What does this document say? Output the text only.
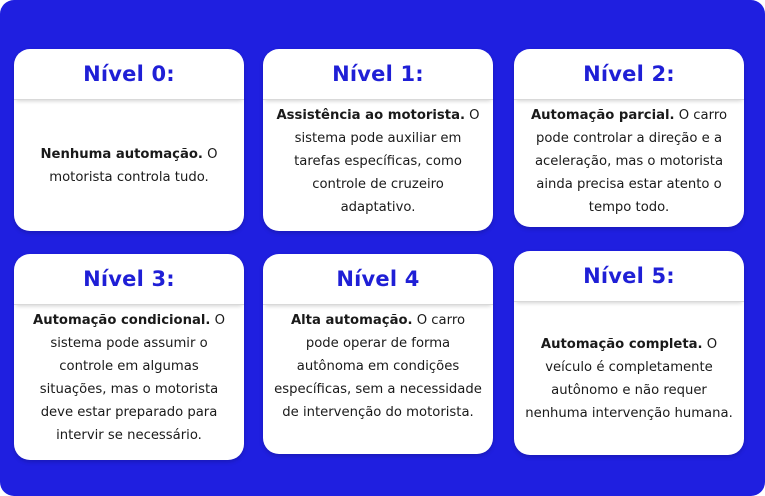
Nível 0:

Nenhuma automação. O motorista controla tudo.

Nível 1:

Assistência ao motorista. O sistema pode auxiliar em tarefas específicas, como controle de cruzeiro adaptativo.

Nível 2:

Automação parcial. O carro pode controlar a direção e a aceleração, mas o motorista ainda precisa estar atento o tempo todo.

Nível 3:

Automação condicional. O sistema pode assumir o controle em algumas situações, mas o motorista deve estar preparado para intervir se necessário.

Nível 4

Alta automação. O carro pode operar de forma autônoma em condições específicas, sem a necessidade de intervenção do motorista.

Nível 5:

Automação completa. O veículo é completamente autônomo e não requer nenhuma intervenção humana.
